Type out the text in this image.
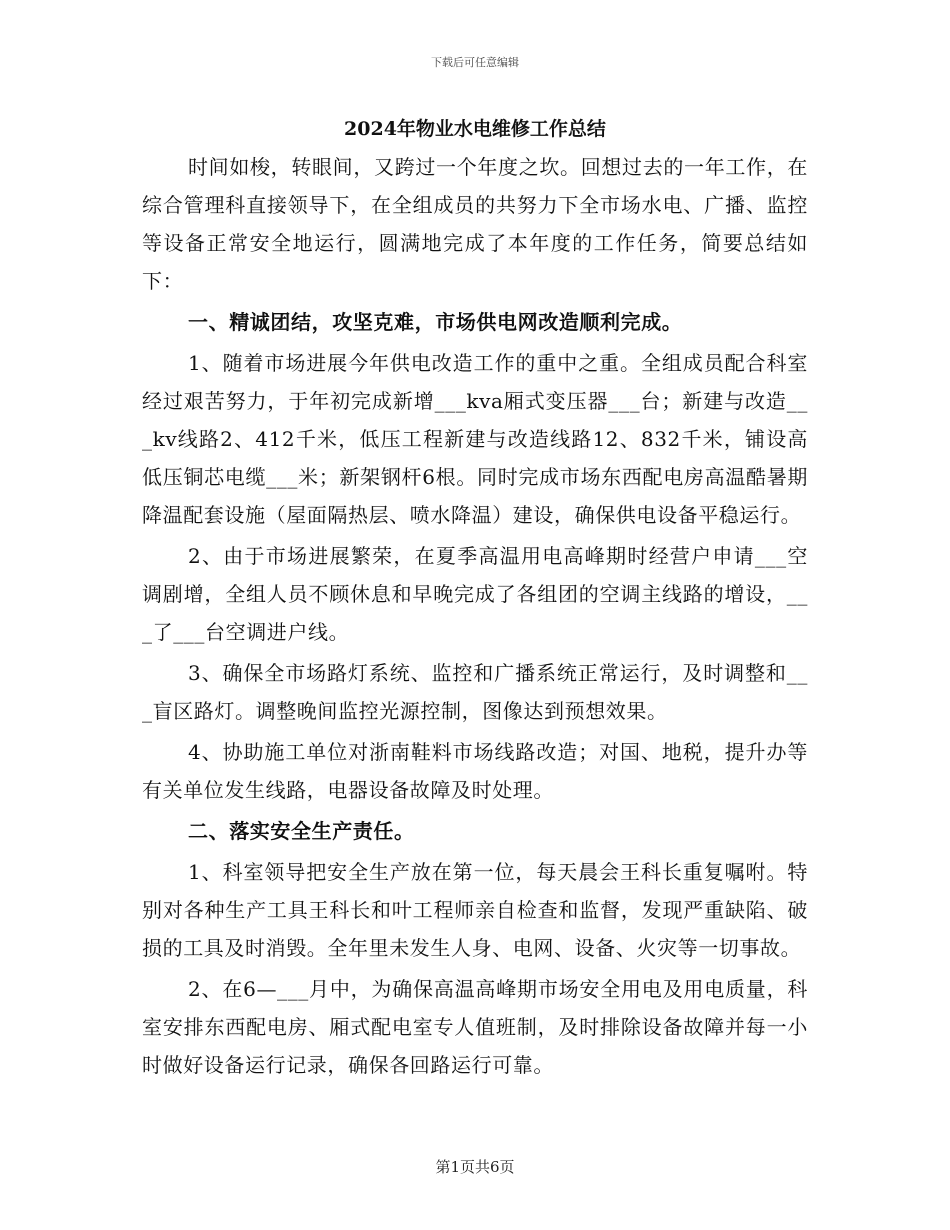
下载后可任意编辑
2024年物业水电维修工作总结

时间如梭，转眼间，又跨过一个年度之坎。回想过去的一年工作，在综合管理科直接领导下，在全组成员的共努力下全市场水电、广播、监控等设备正常安全地运行，圆满地完成了本年度的工作任务，简要总结如下：

一、精诚团结，攻坚克难，市场供电网改造顺利完成。

1、随着市场进展今年供电改造工作的重中之重。全组成员配合科室经过艰苦努力，于年初完成新增___kva厢式变压器___台；新建与改造___kv线路2、412千米，低压工程新建与改造线路12、832千米，铺设高低压铜芯电缆___米；新架钢杆6根。同时完成市场东西配电房高温酷暑期降温配套设施（屋面隔热层、喷水降温）建设，确保供电设备平稳运行。

2、由于市场进展繁荣，在夏季高温用电高峰期时经营户申请___空调剧增，全组人员不顾休息和早晚完成了各组团的空调主线路的增设，___了___台空调进户线。

3、确保全市场路灯系统、监控和广播系统正常运行，及时调整和___盲区路灯。调整晚间监控光源控制，图像达到预想效果。

4、协助施工单位对浙南鞋料市场线路改造；对国、地税，提升办等有关单位发生线路，电器设备故障及时处理。

二、落实安全生产责任。

1、科室领导把安全生产放在第一位，每天晨会王科长重复嘱咐。特别对各种生产工具王科长和叶工程师亲自检查和监督，发现严重缺陷、破损的工具及时消毁。全年里未发生人身、电网、设备、火灾等一切事故。

2、在6—___月中，为确保高温高峰期市场安全用电及用电质量，科室安排东西配电房、厢式配电室专人值班制，及时排除设备故障并每一小时做好设备运行记录，确保各回路运行可靠。

第1页共6页
